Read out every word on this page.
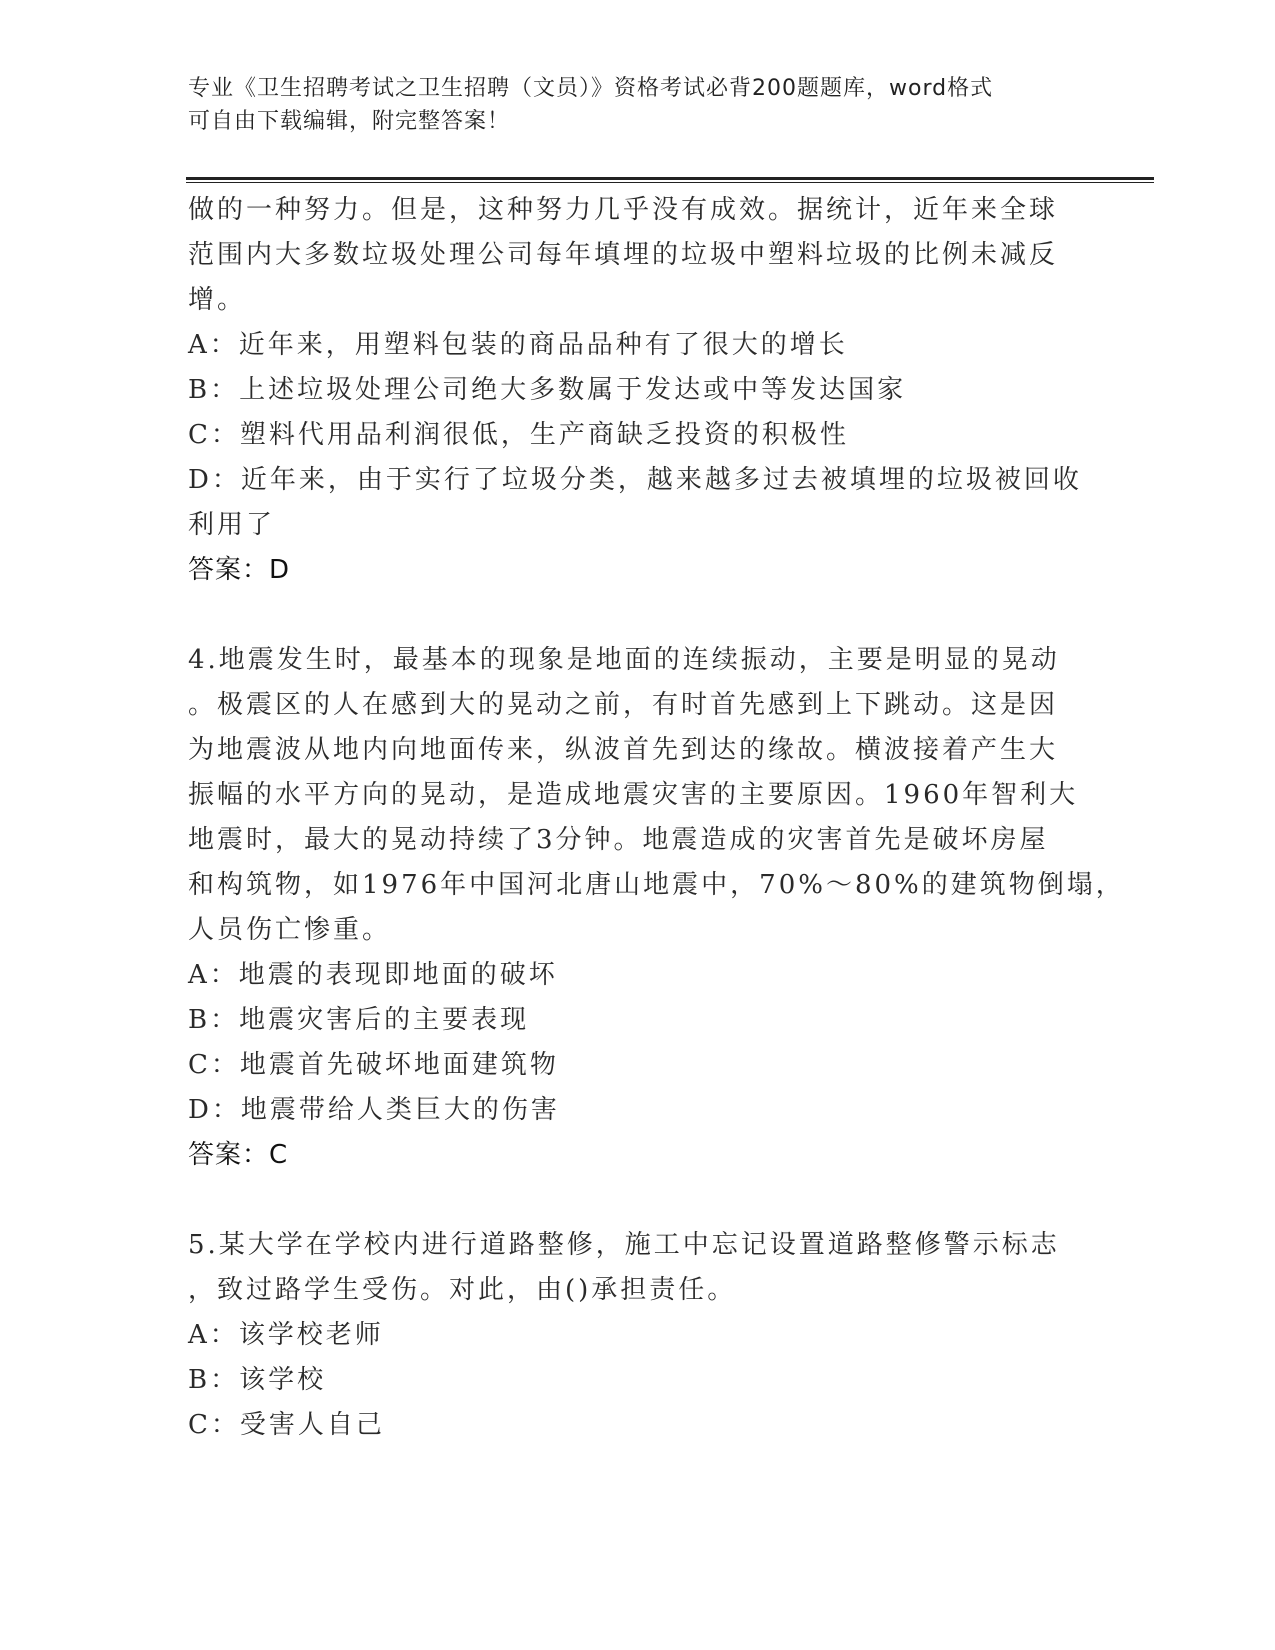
专业《卫生招聘考试之卫生招聘（文员）》资格考试必背200题题库，word格式
可自由下载编辑，附完整答案！
做的一种努力。但是，这种努力几乎没有成效。据统计，近年来全球
范围内大多数垃圾处理公司每年填埋的垃圾中塑料垃圾的比例未减反
增。
A：近年来，用塑料包装的商品品种有了很大的增长
B：上述垃圾处理公司绝大多数属于发达或中等发达国家
C：塑料代用品利润很低，生产商缺乏投资的积极性
D：近年来，由于实行了垃圾分类，越来越多过去被填埋的垃圾被回收
利用了
答案：D
4.地震发生时，最基本的现象是地面的连续振动，主要是明显的晃动
。极震区的人在感到大的晃动之前，有时首先感到上下跳动。这是因
为地震波从地内向地面传来，纵波首先到达的缘故。横波接着产生大
振幅的水平方向的晃动，是造成地震灾害的主要原因。1960年智利大
地震时，最大的晃动持续了3分钟。地震造成的灾害首先是破坏房屋
和构筑物，如1976年中国河北唐山地震中，70%～80%的建筑物倒塌，
人员伤亡惨重。
A：地震的表现即地面的破坏
B：地震灾害后的主要表现
C：地震首先破坏地面建筑物
D：地震带给人类巨大的伤害
答案：C
5.某大学在学校内进行道路整修，施工中忘记设置道路整修警示标志
，致过路学生受伤。对此，由()承担责任。
A：该学校老师
B：该学校
C：受害人自己
